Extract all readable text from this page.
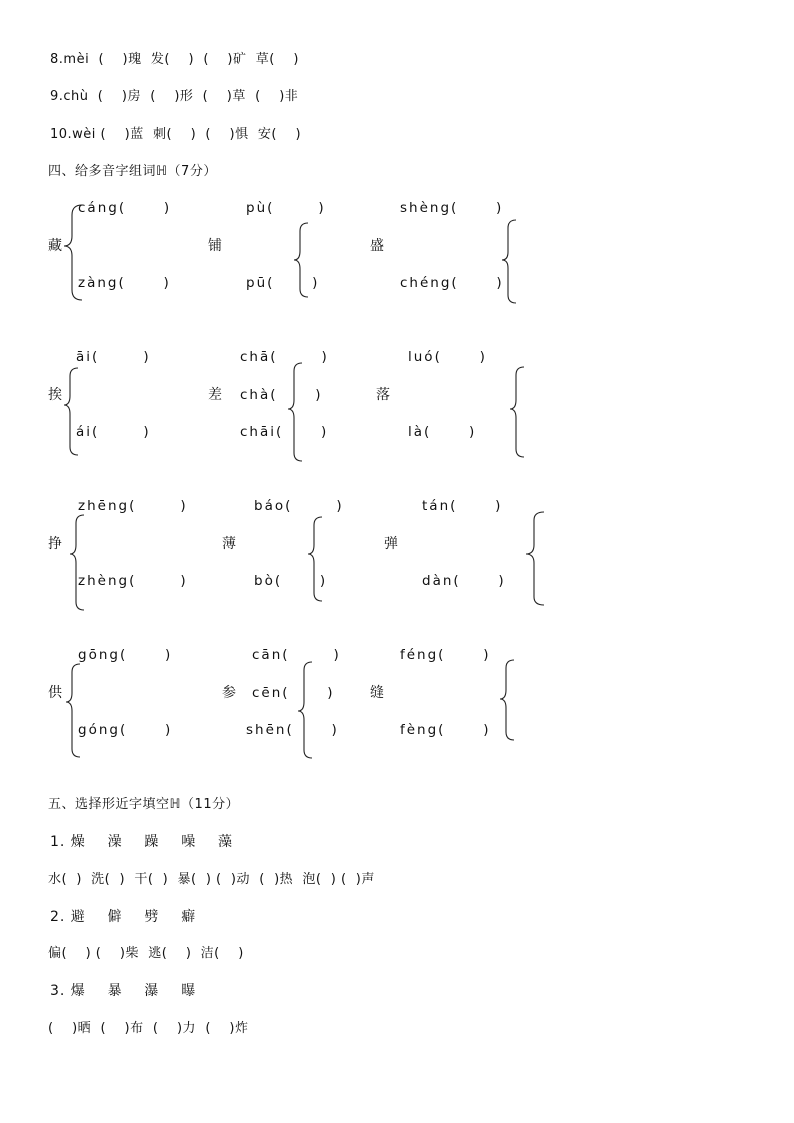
8.mèi  (    )瑰  发(    )  (    )矿  草(    )
9.chù  (    )房  (    )形  (    )草  (    )非
10.wèi (    )蓝  刺(    )  (    )惧  安(    )
四、给多音字组词ℍ（7分）
藏
cáng(      )
zàng(      )
铺
pù(       )
pū(      )
盛
shèng(      )
chéng(      )
挨
āi(       )
ái(       )
差
chā(       )
chà(      )
chāi(      )
落
luó(      )
là(      )
挣
zhēng(       )
zhèng(       )
薄
báo(       )
bò(      )
弹
tán(      )
dàn(      )
供
gōng(      )
góng(      )
参
cān(       )
cēn(      )
shēn(      )
缝
féng(      )
fèng(      )
五、选择形近字填空ℍ（11分）
1. 燥    澡    躁    噪    藻
水(  )  洗(  )  干(  )  暴(  ) (  )动  (  )热  泡(  ) (  )声
2. 避    僻    劈    癖
偏(    ) (    )柴  逃(    )  洁(    )
3. 爆    暴    瀑    曝
(    )晒  (    )布  (    )力  (    )炸
